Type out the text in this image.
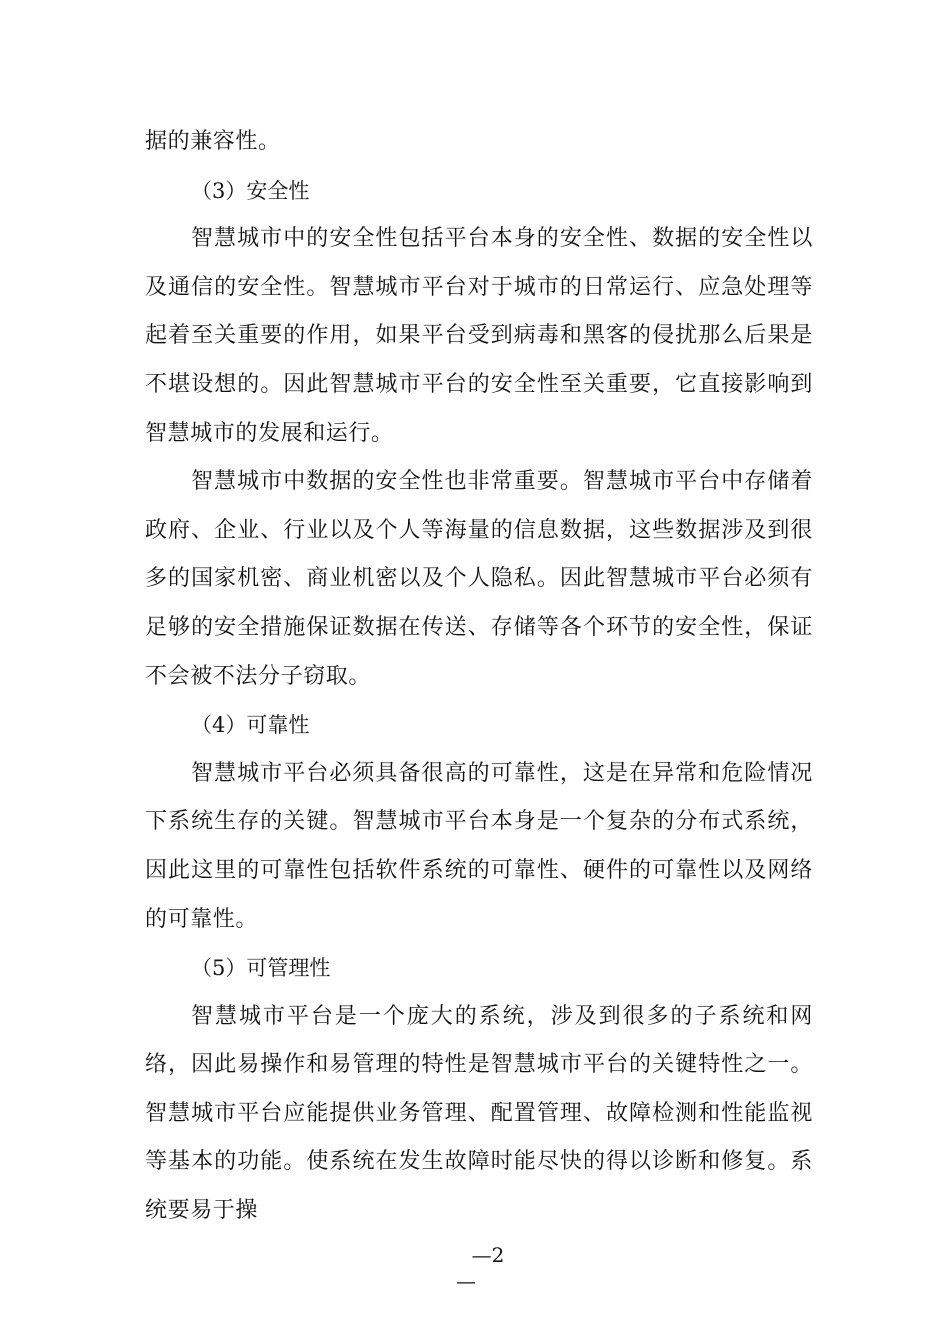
据的兼容性。

（3）安全性

智慧城市中的安全性包括平台本身的安全性、数据的安全性以及通信的安全性。智慧城市平台对于城市的日常运行、应急处理等起着至关重要的作用，如果平台受到病毒和黑客的侵扰那么后果是不堪设想的。因此智慧城市平台的安全性至关重要，它直接影响到智慧城市的发展和运行。

智慧城市中数据的安全性也非常重要。智慧城市平台中存储着政府、企业、行业以及个人等海量的信息数据，这些数据涉及到很多的国家机密、商业机密以及个人隐私。因此智慧城市平台必须有足够的安全措施保证数据在传送、存储等各个环节的安全性，保证不会被不法分子窃取。

（4）可靠性

智慧城市平台必须具备很高的可靠性，这是在异常和危险情况下系统生存的关键。智慧城市平台本身是一个复杂的分布式系统，因此这里的可靠性包括软件系统的可靠性、硬件的可靠性以及网络的可靠性。

（5）可管理性

智慧城市平台是一个庞大的系统，涉及到很多的子系统和网络，因此易操作和易管理的特性是智慧城市平台的关键特性之一。智慧城市平台应能提供业务管理、配置管理、故障检测和性能监视等基本的功能。使系统在发生故障时能尽快的得以诊断和修复。系统要易于操

—2
—
